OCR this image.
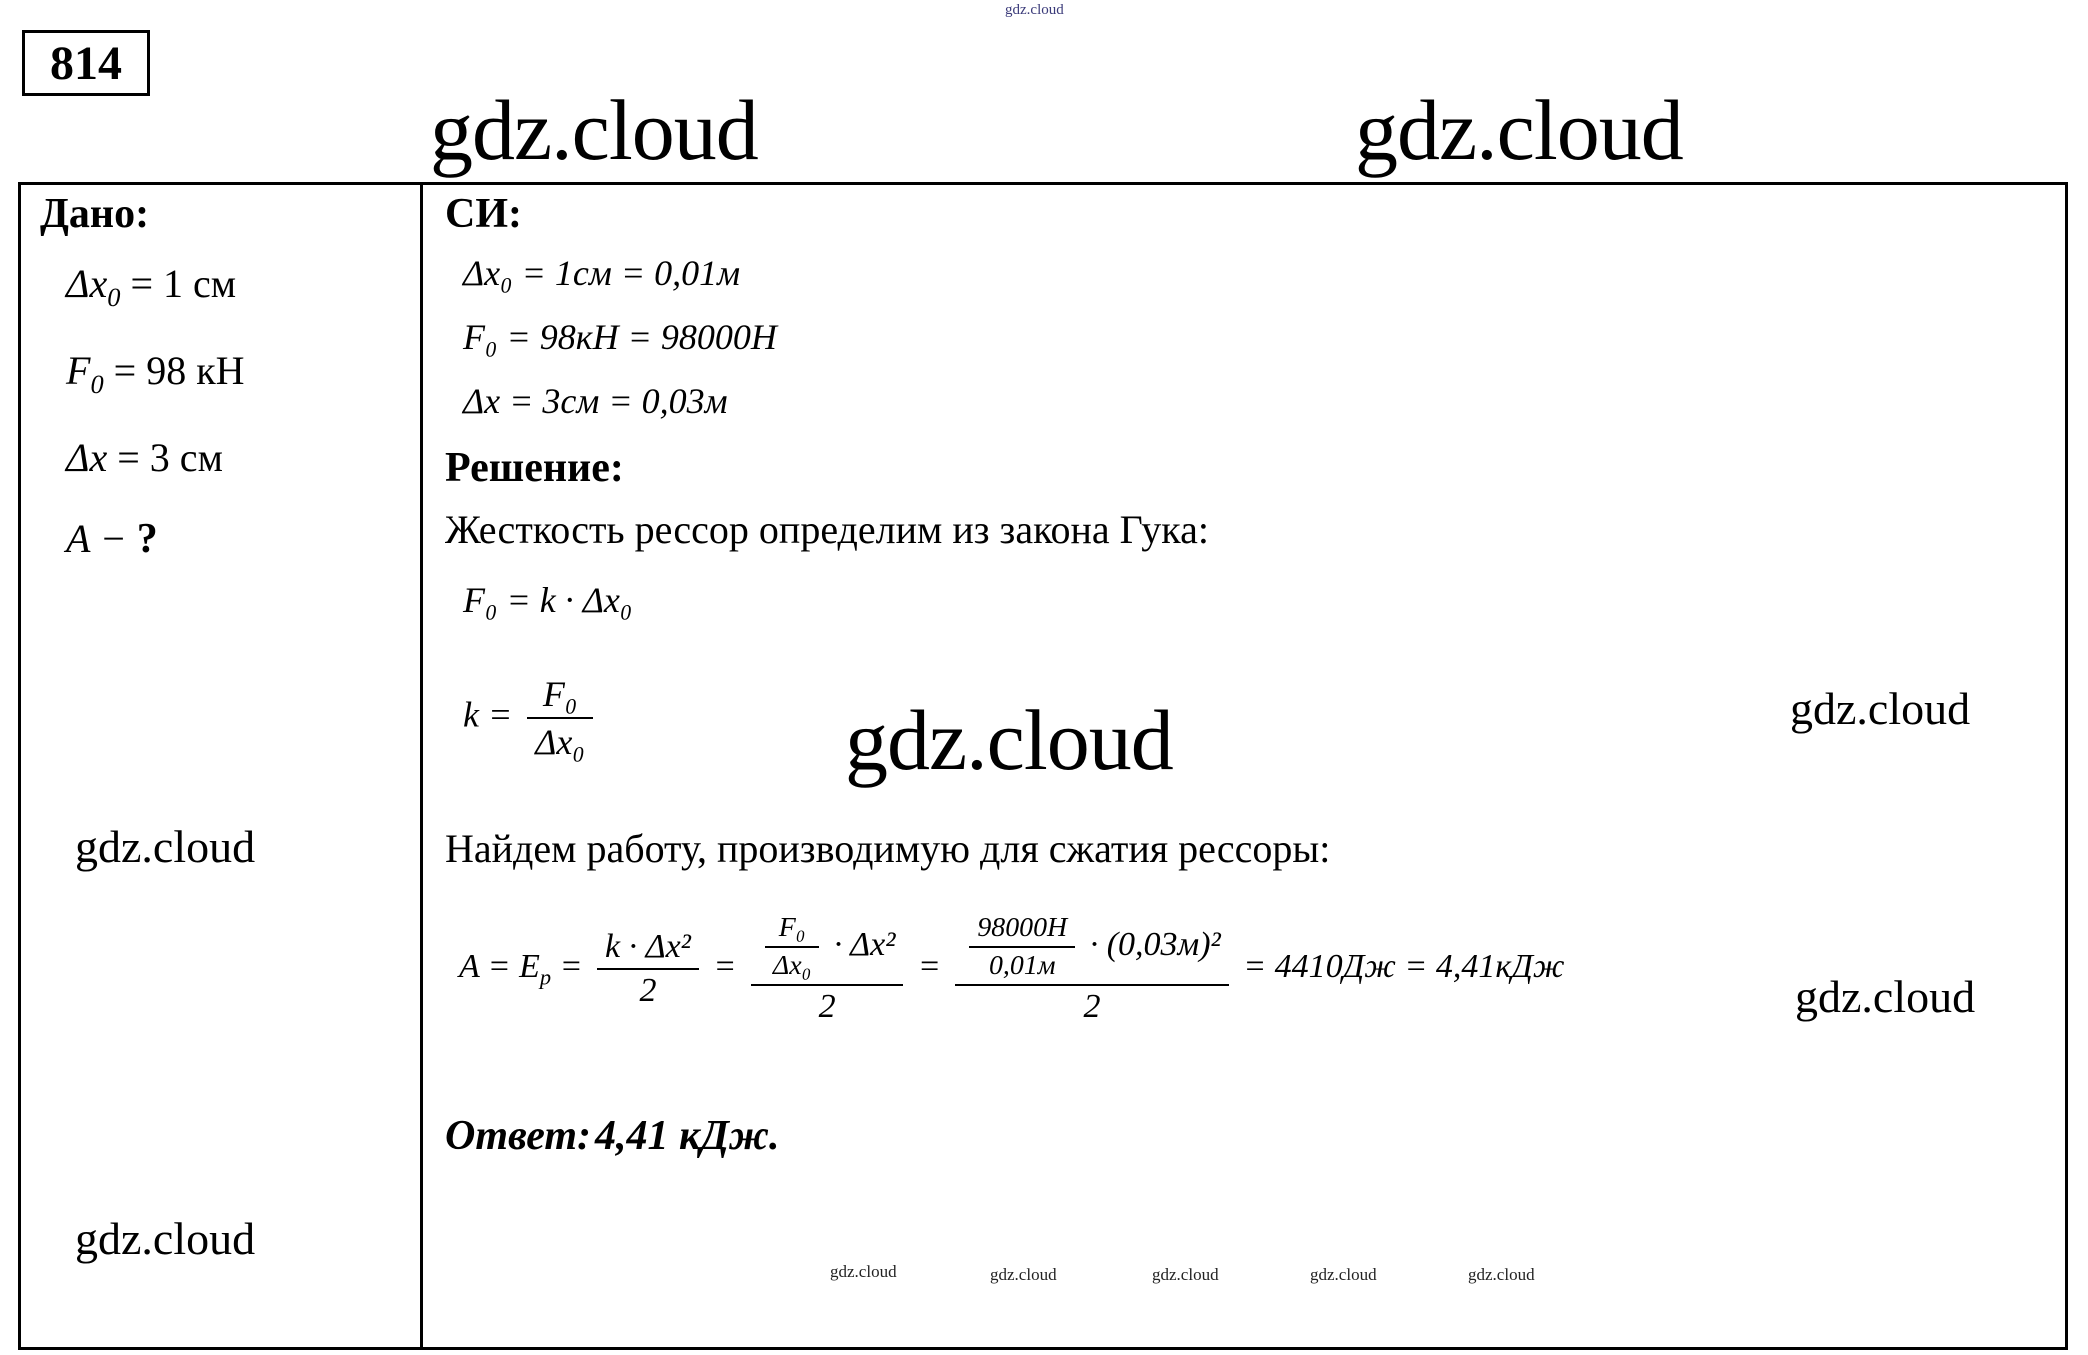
gdz.cloud
gdz.cloud	gdz.cloud
814
Дано:
$\Delta x_0 = 1$ см
$F_0 = 98$ кН
Δx = 3 см
A − ?
СИ:
Δx₀ = 1см = 0,01м
F₀ = 98кН = 98000Н
Δx = 3см = 0,03м
Решение:
Жесткость рессор определим из закона Гука:
F₀ = k · Δx₀
$k = \frac{\text{F₀}}{\text{Δx₀}}$
Найдем работу, производимую для сжатия рессоры:
$A = E_p = \frac{\text{k · Δx²}}{2} = \frac{\frac{\text{F₀}}{\text{Δx₀}} \cdot \Delta x^2}{2} = \frac{\frac{98000Н}{0,01м} \cdot (0,03м)^2}{2} = 4410Дж = 4,41кДж$
Ответ: 4,41 кДж.
gdz.cloud	gdz.cloud
gdz.cloud
gdz.cloud
gdz.cloud
gdz.cloud	gdz.cloud	gdz.cloud	gdz.cloud	gdz.cloud
